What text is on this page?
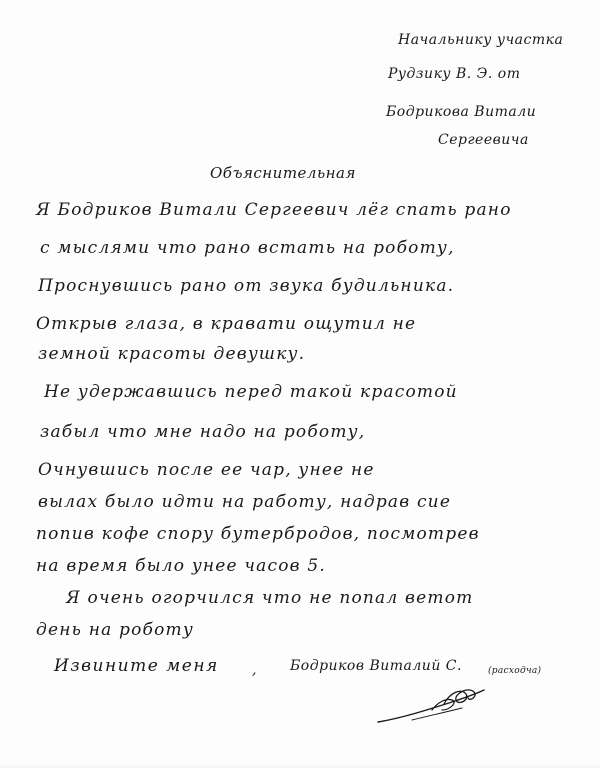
Начальнику участка
Рудзику В. Э. от
Бодрикова Витали
Сергеевича
Объяснительная
Я Бодриков Витали Сергеевич лёг спать рано
с мыслями что рано встать на роботу,
Проснувшись рано от звука будильника.
Открыв глаза, в кравати ощутил не
земной красоты девушку.
Не удержавшись перед такой красотой
забыл что мне надо на роботу,
Очнувшись после ее чар, унее не
вылах было идти на работу, надрав сие
попив кофе спору бутербродов, посмотрев
на время было унее часов 5.
Я очень огорчился что не попал ветот
день на роботу
Извините меня , Бодриков Виталий С.	(расходча)
